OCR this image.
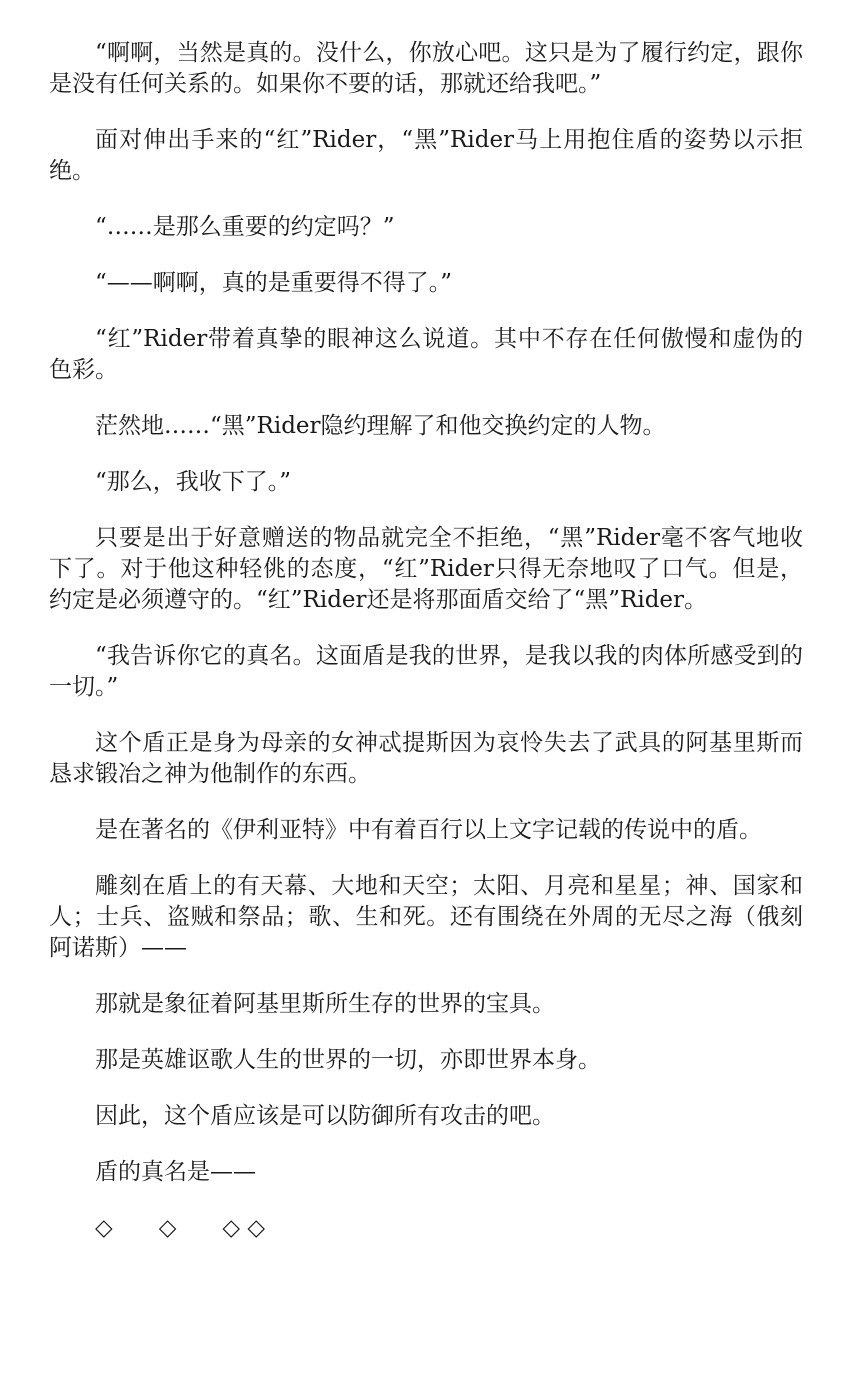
“啊啊，当然是真的。没什么，你放心吧。这只是为了履行约定，跟你是没有任何关系的。如果你不要的话，那就还给我吧。”

面对伸出手来的“红”Rider，“黑”Rider马上用抱住盾的姿势以示拒绝。

“……是那么重要的约定吗？”

“——啊啊，真的是重要得不得了。”

“红”Rider带着真挚的眼神这么说道。其中不存在任何傲慢和虚伪的色彩。

茫然地……“黑”Rider隐约理解了和他交换约定的人物。

“那么，我收下了。”

只要是出于好意赠送的物品就完全不拒绝，“黑”Rider毫不客气地收下了。对于他这种轻佻的态度，“红”Rider只得无奈地叹了口气。但是，约定是必须遵守的。“红”Rider还是将那面盾交给了“黑”Rider。

“我告诉你它的真名。这面盾是我的世界，是我以我的肉体所感受到的一切。”

这个盾正是身为母亲的女神忒提斯因为哀怜失去了武具的阿基里斯而恳求锻冶之神为他制作的东西。

是在著名的《伊利亚特》中有着百行以上文字记载的传说中的盾。

雕刻在盾上的有天幕、大地和天空；太阳、月亮和星星；神、国家和人；士兵、盗贼和祭品；歌、生和死。还有围绕在外周的无尽之海（俄刻阿诺斯）——

那就是象征着阿基里斯所生存的世界的宝具。

那是英雄讴歌人生的世界的一切，亦即世界本身。

因此，这个盾应该是可以防御所有攻击的吧。

盾的真名是——

◇　　◇　　◇ ◇
